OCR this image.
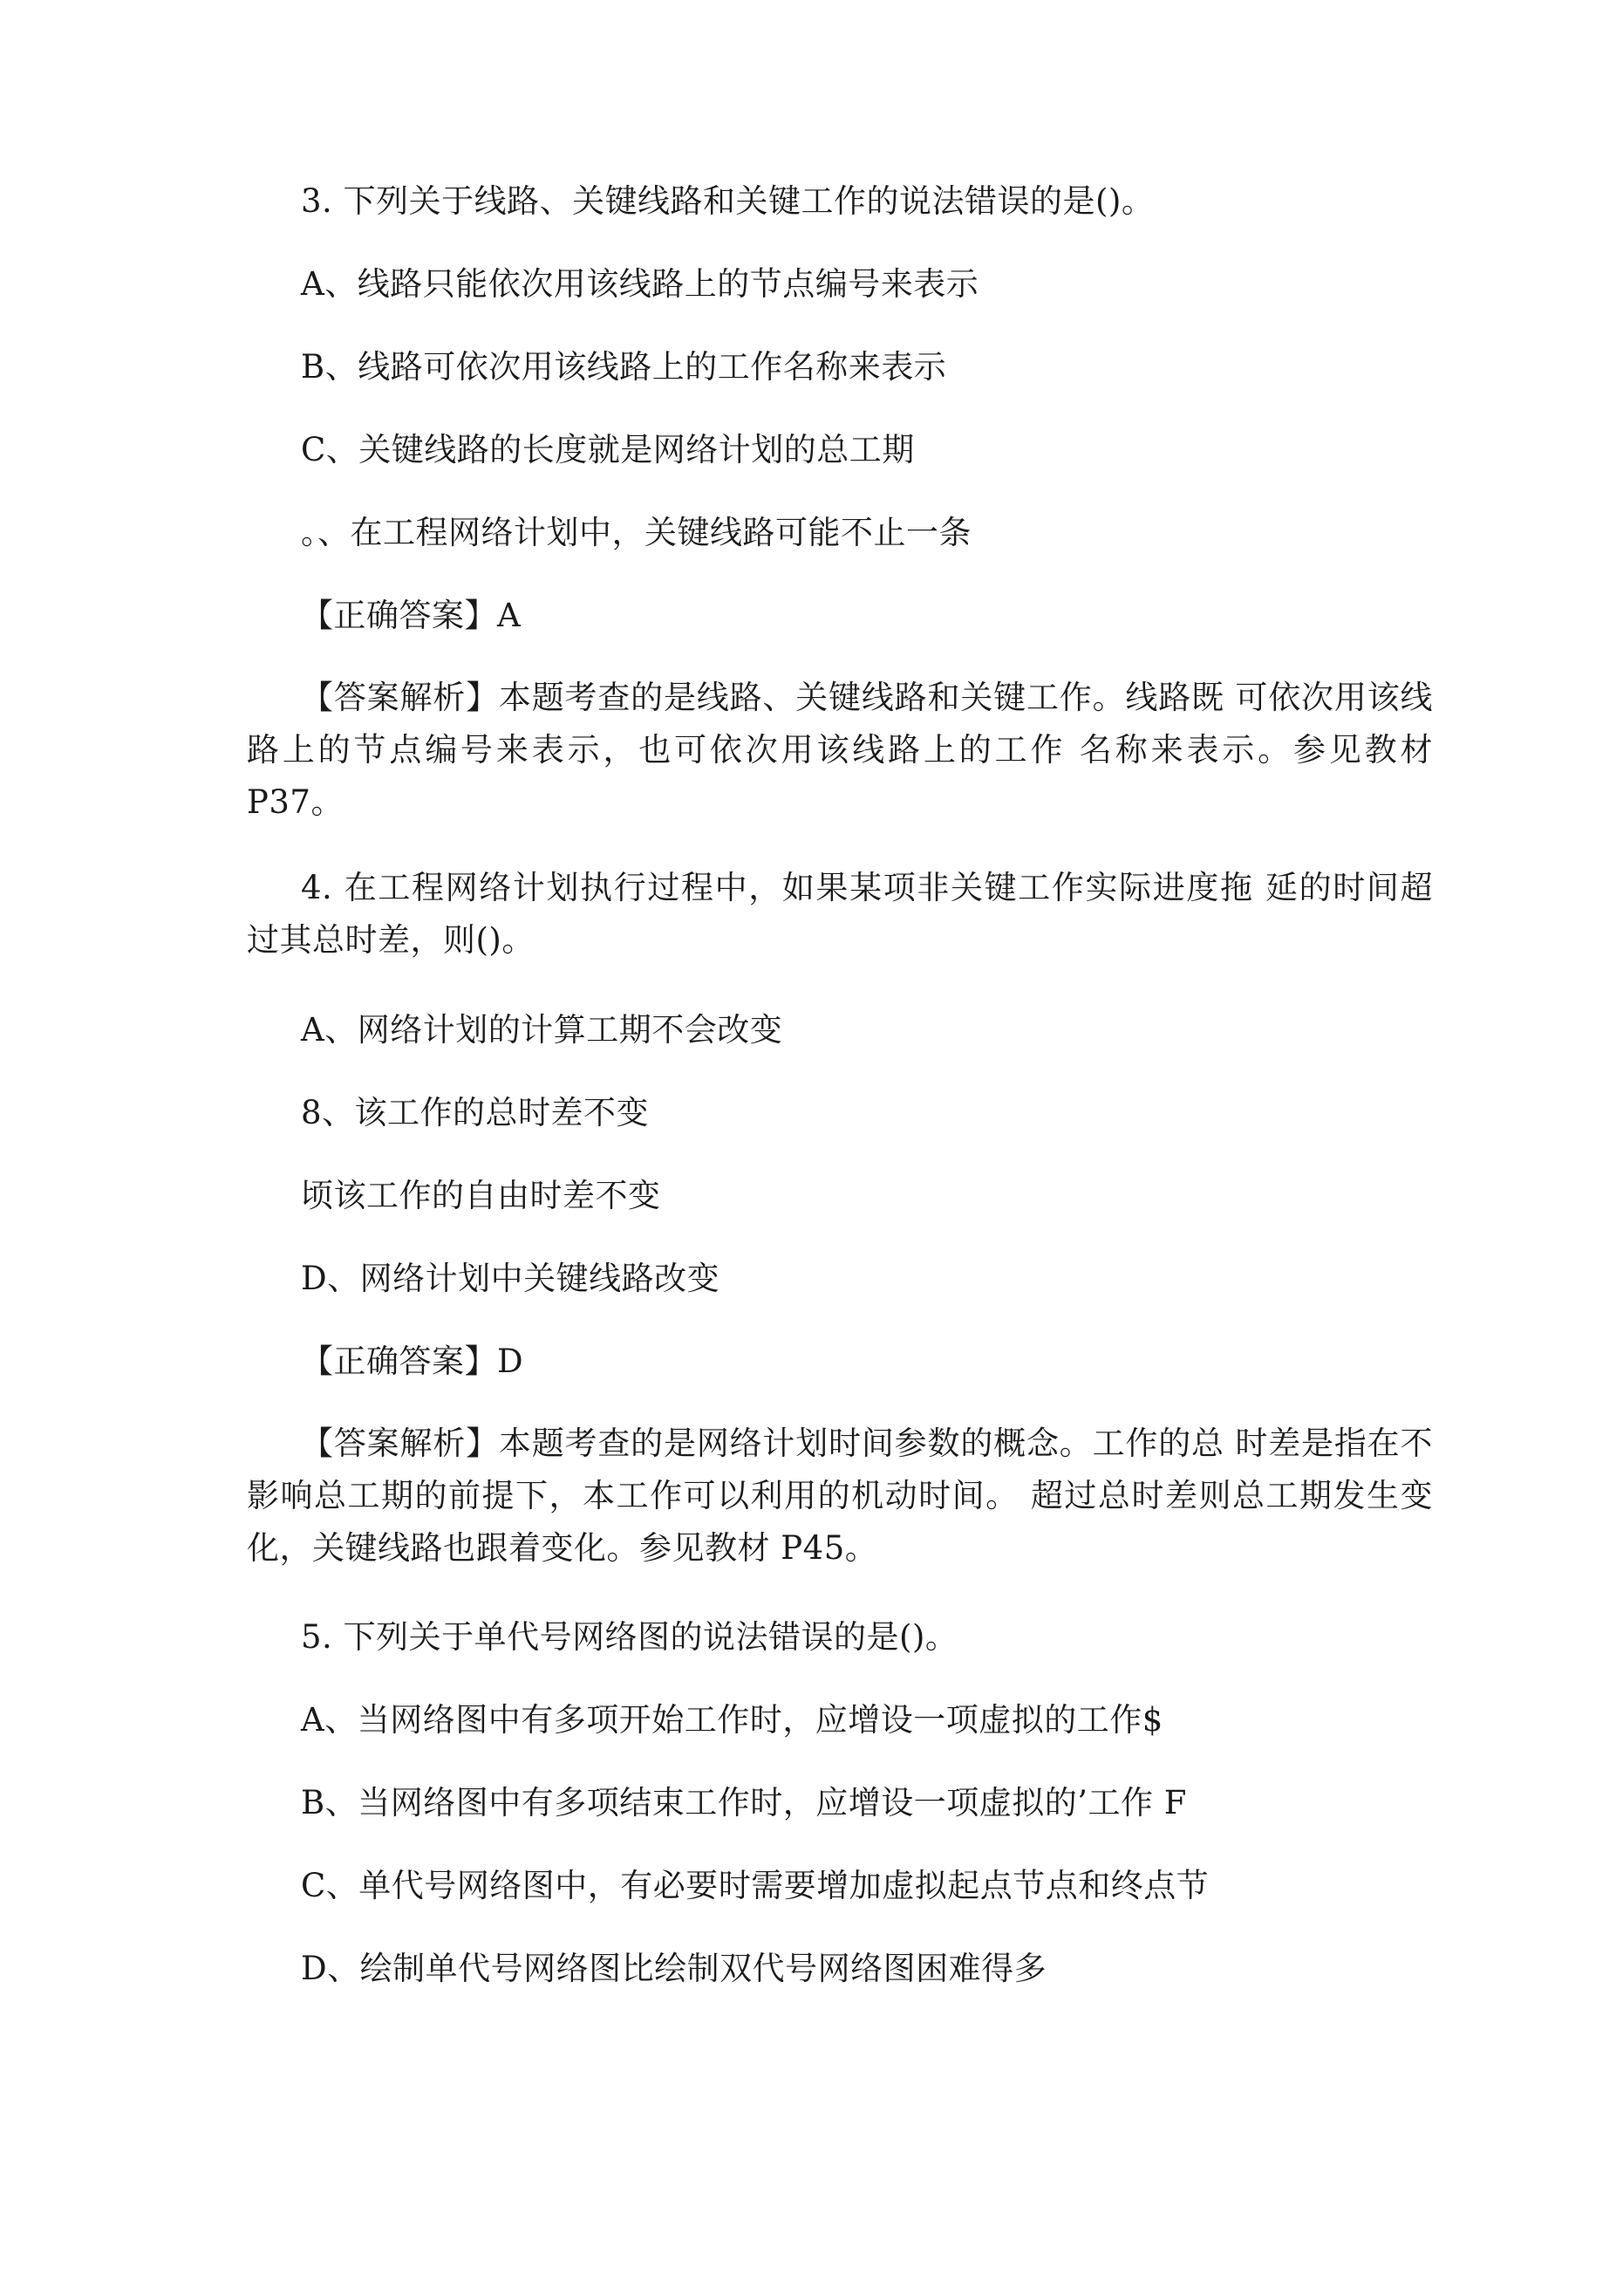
3. 下列关于线路、关键线路和关键工作的说法错误的是()。
A、线路只能依次用该线路上的节点编号来表示
B、线路可依次用该线路上的工作名称来表示
C、关键线路的长度就是网络计划的总工期
。、在工程网络计划中，关键线路可能不止一条
【正确答案】A
【答案解析】本题考查的是线路、关键线路和关键工作。线路既 可依次用该线路上的节点编号来表示，也可依次用该线路上的工作 名称来表示。参见教材 P37。
4. 在工程网络计划执行过程中，如果某项非关键工作实际进度拖 延的时间超过其总时差，则()。
A、网络计划的计算工期不会改变
8、该工作的总时差不变
顷该工作的自由时差不变
D、网络计划中关键线路改变
【正确答案】D
【答案解析】本题考查的是网络计划时间参数的概念。工作的总 时差是指在不影响总工期的前提下，本工作可以利用的机动时间。 超过总时差则总工期发生变化，关键线路也跟着变化。参见教材 P45。
5. 下列关于单代号网络图的说法错误的是()。
A、当网络图中有多项开始工作时，应增设一项虚拟的工作$
B、当网络图中有多项结束工作时，应增设一项虚拟的’工作 F
C、单代号网络图中，有必要时需要增加虚拟起点节点和终点节
D、绘制单代号网络图比绘制双代号网络图困难得多
